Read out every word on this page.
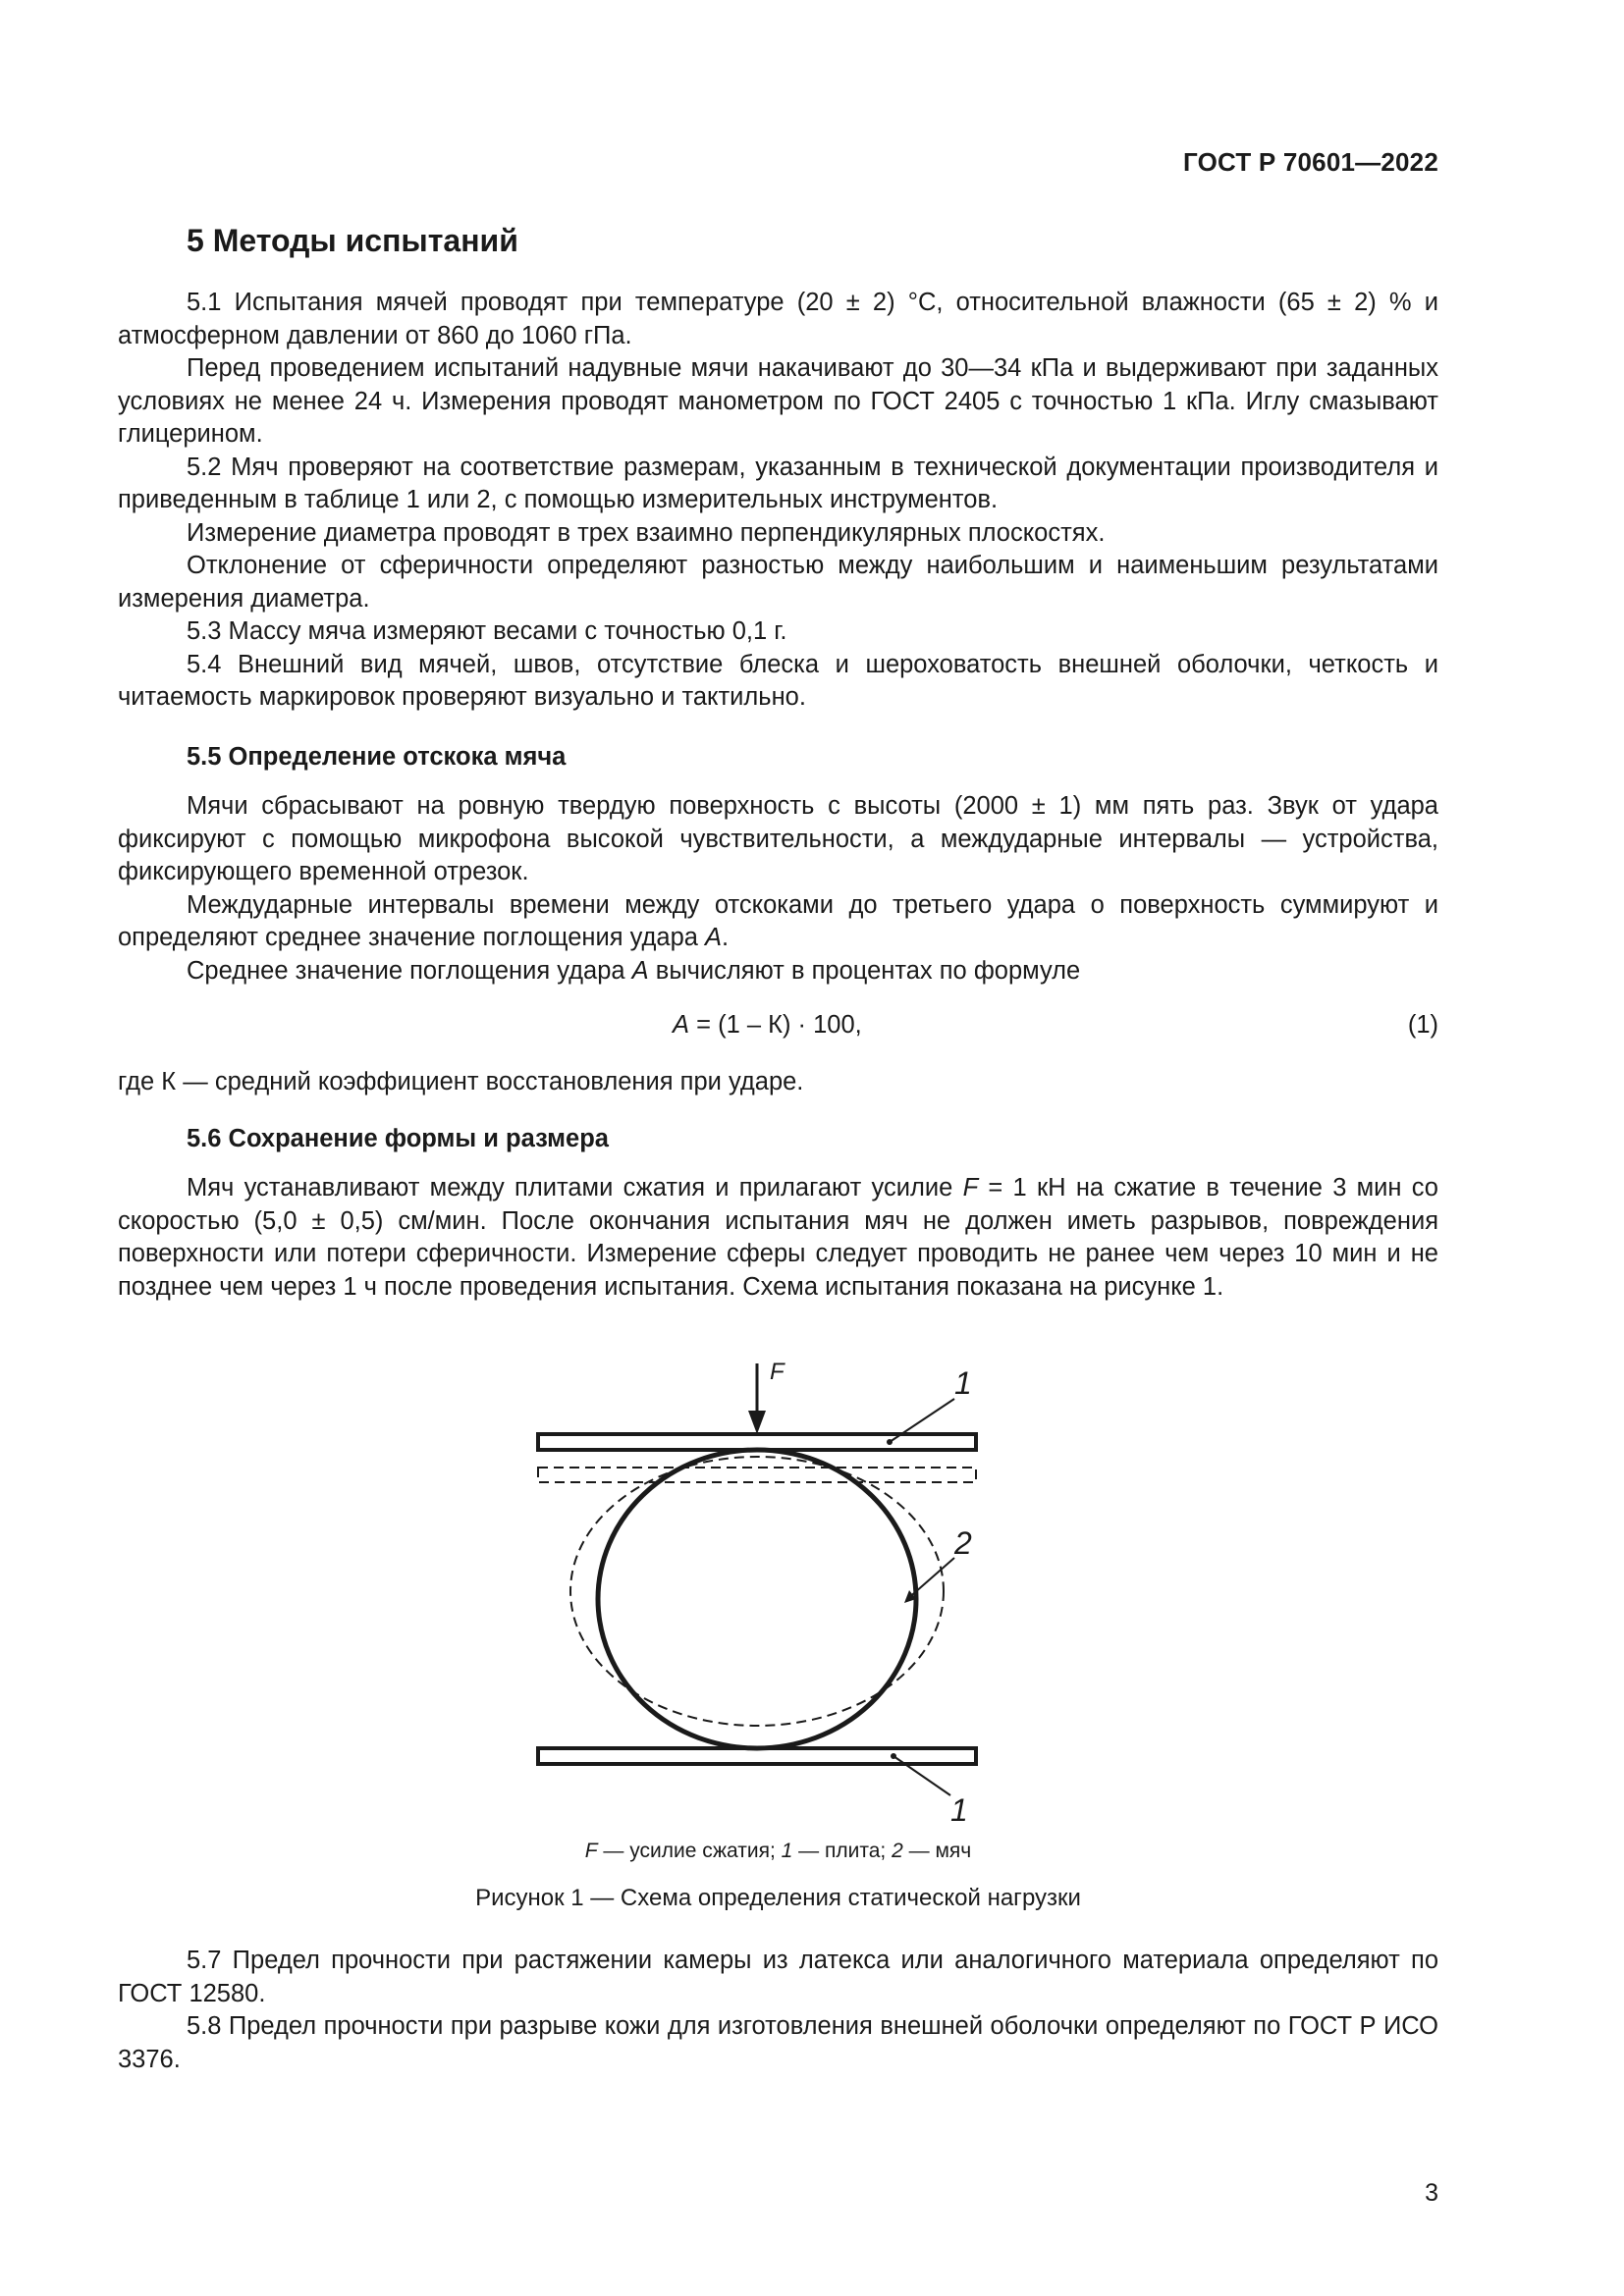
ГОСТ Р 70601—2022
5 Методы испытаний

5.1 Испытания мячей проводят при температуре (20 ± 2) °С, относительной влажности (65 ± 2) % и атмосферном давлении от 860 до 1060 гПа.

Перед проведением испытаний надувные мячи накачивают до 30—34 кПа и выдерживают при заданных условиях не менее 24 ч. Измерения проводят манометром по ГОСТ 2405 с точностью 1 кПа. Иглу смазывают глицерином.

5.2 Мяч проверяют на соответствие размерам, указанным в технической документации производителя и приведенным в таблице 1 или 2, с помощью измерительных инструментов.

Измерение диаметра проводят в трех взаимно перпендикулярных плоскостях.

Отклонение от сферичности определяют разностью между наибольшим и наименьшим результатами измерения диаметра.

5.3 Массу мяча измеряют весами с точностью 0,1 г.

5.4 Внешний вид мячей, швов, отсутствие блеска и шероховатость внешней оболочки, четкость и читаемость маркировок проверяют визуально и тактильно.

5.5 Определение отскока мяча

Мячи сбрасывают на ровную твердую поверхность с высоты (2000 ± 1) мм пять раз. Звук от удара фиксируют с помощью микрофона высокой чувствительности, а междударные интервалы — устройства, фиксирующего временной отрезок.

Междударные интервалы времени между отскоками до третьего удара о поверхность суммируют и определяют среднее значение поглощения удара А.

Среднее значение поглощения удара А вычисляют в процентах по формуле

А = (1 – К) · 100,	(1)
где К — средний коэффициент восстановления при ударе.
5.6 Сохранение формы и размера

Мяч устанавливают между плитами сжатия и прилагают усилие F = 1 кН на сжатие в течение 3 мин со скоростью (5,0 ± 0,5) см/мин. После окончания испытания мяч не должен иметь разрывов, повреждения поверхности или потери сферичности. Измерение сферы следует проводить не ранее чем через 10 мин и не позднее чем через 1 ч после проведения испытания. Схема испытания показана на рисунке 1.

F	1
2
1
F — усилие сжатия; 1 — плита; 2 — мяч
Рисунок 1 — Схема определения статической нагрузки

5.7 Предел прочности при растяжении камеры из латекса или аналогичного материала определяют по ГОСТ 12580.

5.8 Предел прочности при разрыве кожи для изготовления внешней оболочки определяют по ГОСТ Р ИСО 3376.

3
